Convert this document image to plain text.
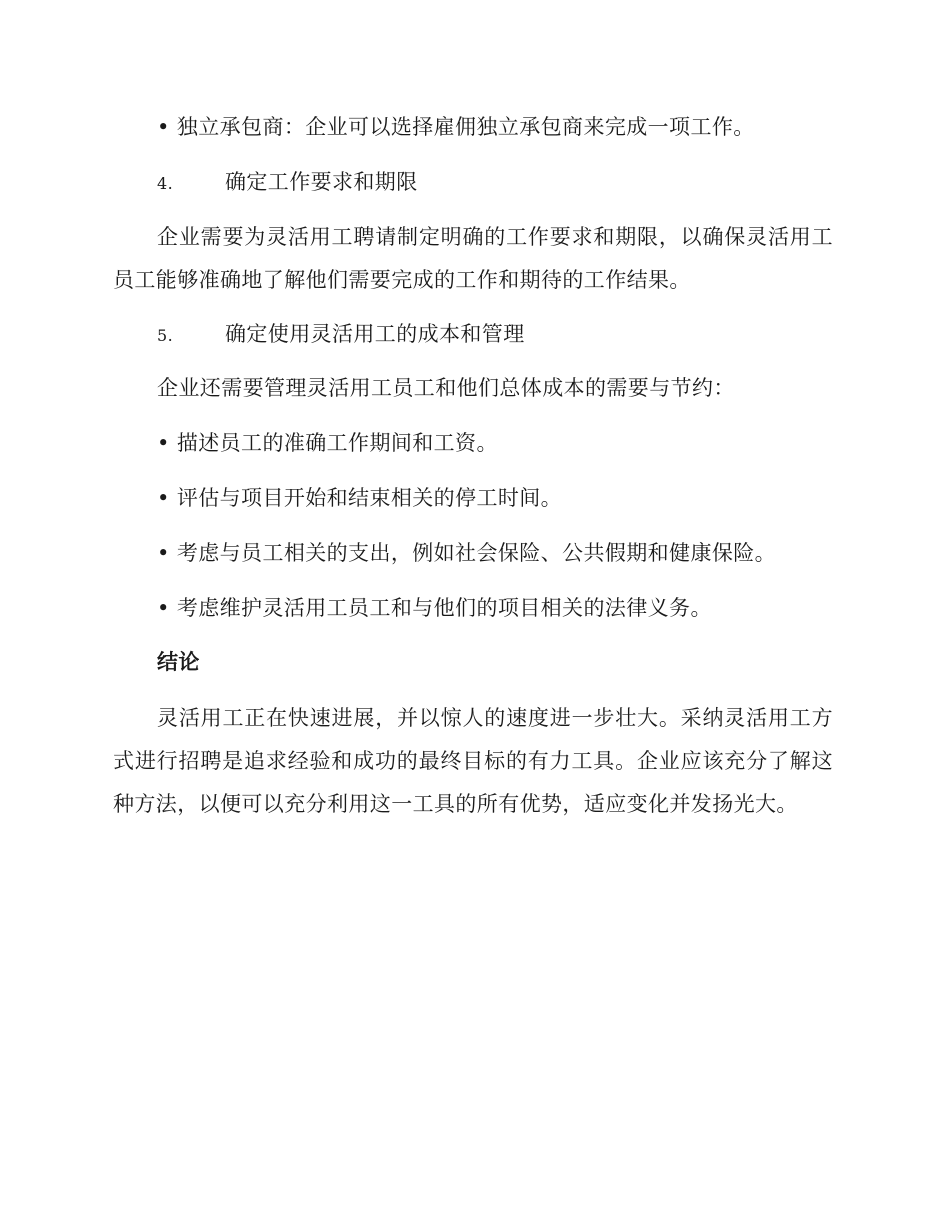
• 独立承包商：企业可以选择雇佣独立承包商来完成一项工作。
4. 确定工作要求和期限
企业需要为灵活用工聘请制定明确的工作要求和期限，以确保灵活用工员工能够准确地了解他们需要完成的工作和期待的工作结果。
5. 确定使用灵活用工的成本和管理
企业还需要管理灵活用工员工和他们总体成本的需要与节约：
• 描述员工的准确工作期间和工资。
• 评估与项目开始和结束相关的停工时间。
• 考虑与员工相关的支出，例如社会保险、公共假期和健康保险。
• 考虑维护灵活用工员工和与他们的项目相关的法律义务。
结论
灵活用工正在快速进展，并以惊人的速度进一步壮大。采纳灵活用工方式进行招聘是追求经验和成功的最终目标的有力工具。企业应该充分了解这种方法，以便可以充分利用这一工具的所有优势，适应变化并发扬光大。
